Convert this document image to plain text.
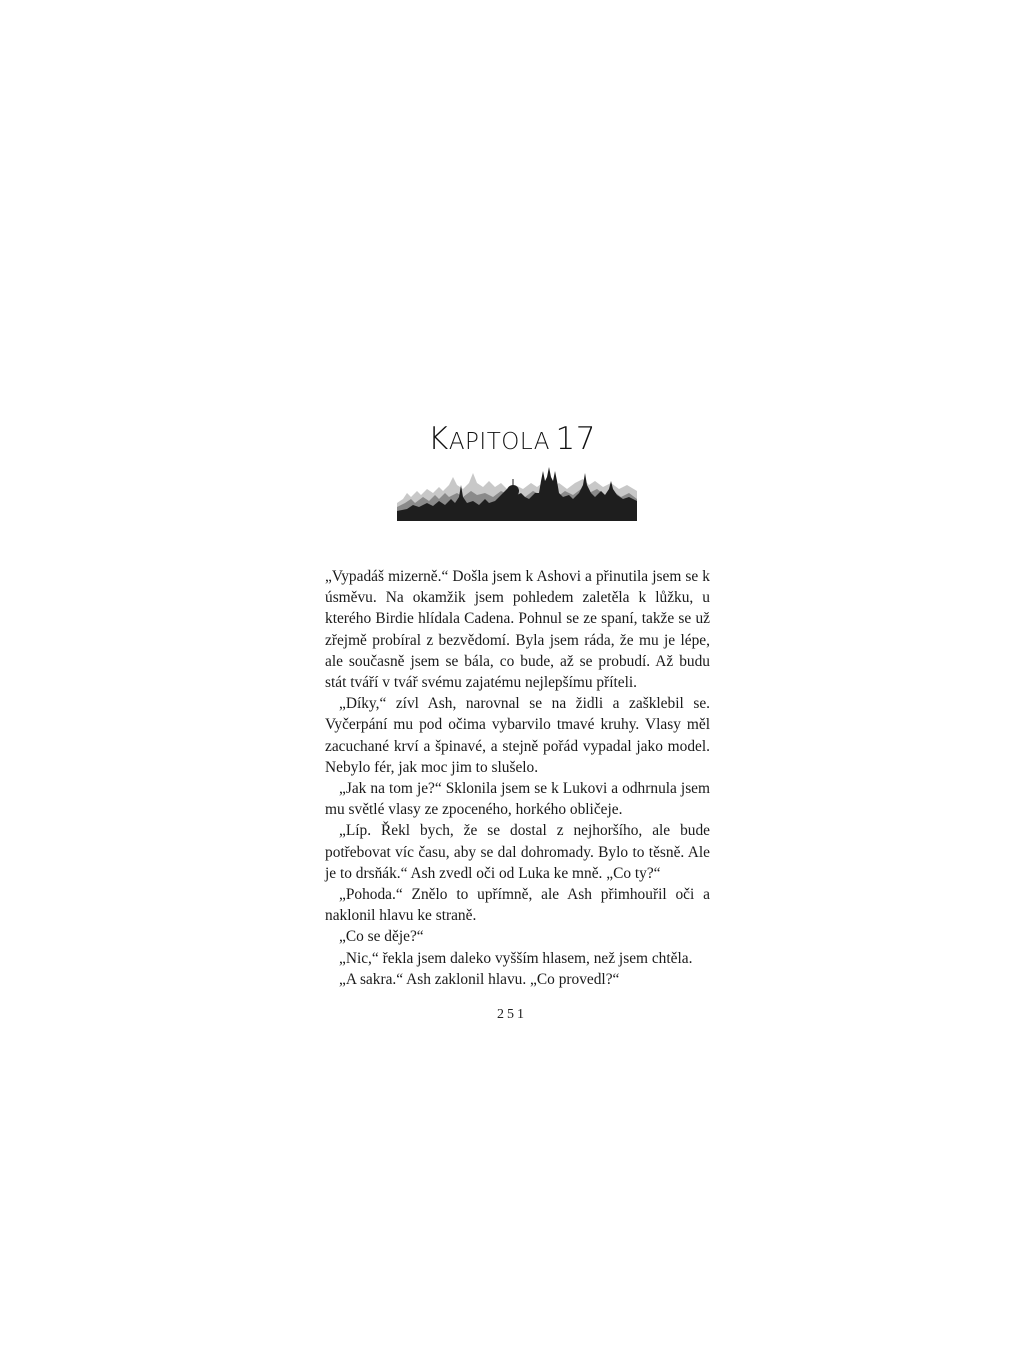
KAPITOLA 17

„Vypadáš mizerně.“ Došla jsem k Ashovi a přinutila jsem se k úsměvu. Na okamžik jsem pohledem zaletěla k lůžku, u kterého Birdie hlídala Cadena. Pohnul se ze spaní, takže se už zřejmě probíral z bezvědomí. Byla jsem ráda, že mu je lépe, ale současně jsem se bála, co bude, až se probudí. Až budu stát tváří v tvář svému zajatému nejlepšímu příteli.

„Díky,“ zívl Ash, narovnal se na židli a zašklebil se. Vyčerpání mu pod očima vybarvilo tmavé kruhy. Vlasy měl zacuchané krví a špinavé, a stejně pořád vypadal jako model. Nebylo fér, jak moc jim to slušelo.

„Jak na tom je?“ Sklonila jsem se k Lukovi a odhrnula jsem mu světlé vlasy ze zpoceného, horkého obličeje.

„Líp. Řekl bych, že se dostal z nejhoršího, ale bude potřebovat víc času, aby se dal dohromady. Bylo to těsně. Ale je to drsňák.“ Ash zvedl oči od Luka ke mně. „Co ty?“

„Pohoda.“ Znělo to upřímně, ale Ash přimhouřil oči a naklonil hlavu ke straně.

„Co se děje?“

„Nic,“ řekla jsem daleko vyšším hlasem, než jsem chtěla.

„A sakra.“ Ash zaklonil hlavu. „Co provedl?“

251
